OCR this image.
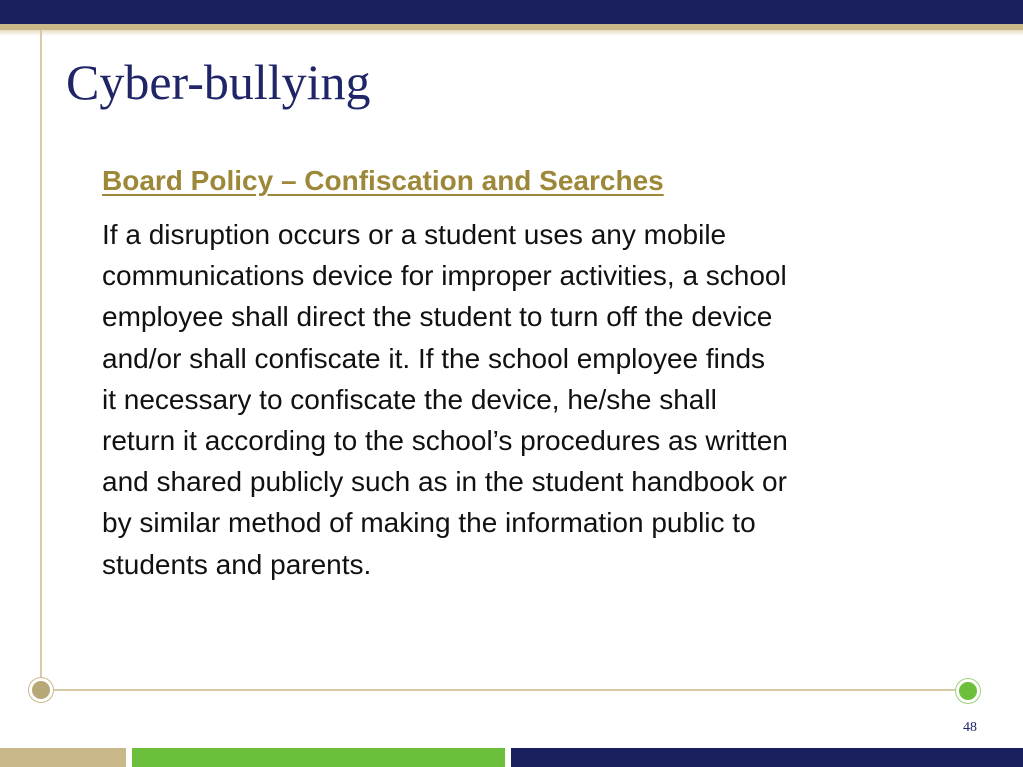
Cyber-bullying

Board Policy – Confiscation and Searches

If a disruption occurs or a student uses any mobile
communications device for improper activities, a school
employee shall direct the student to turn off the device
and/or shall confiscate it. If the school employee finds
it necessary to confiscate the device, he/she shall
return it according to the school’s procedures as written
and shared publicly such as in the student handbook or
by similar method of making the information public to
students and parents.

48
